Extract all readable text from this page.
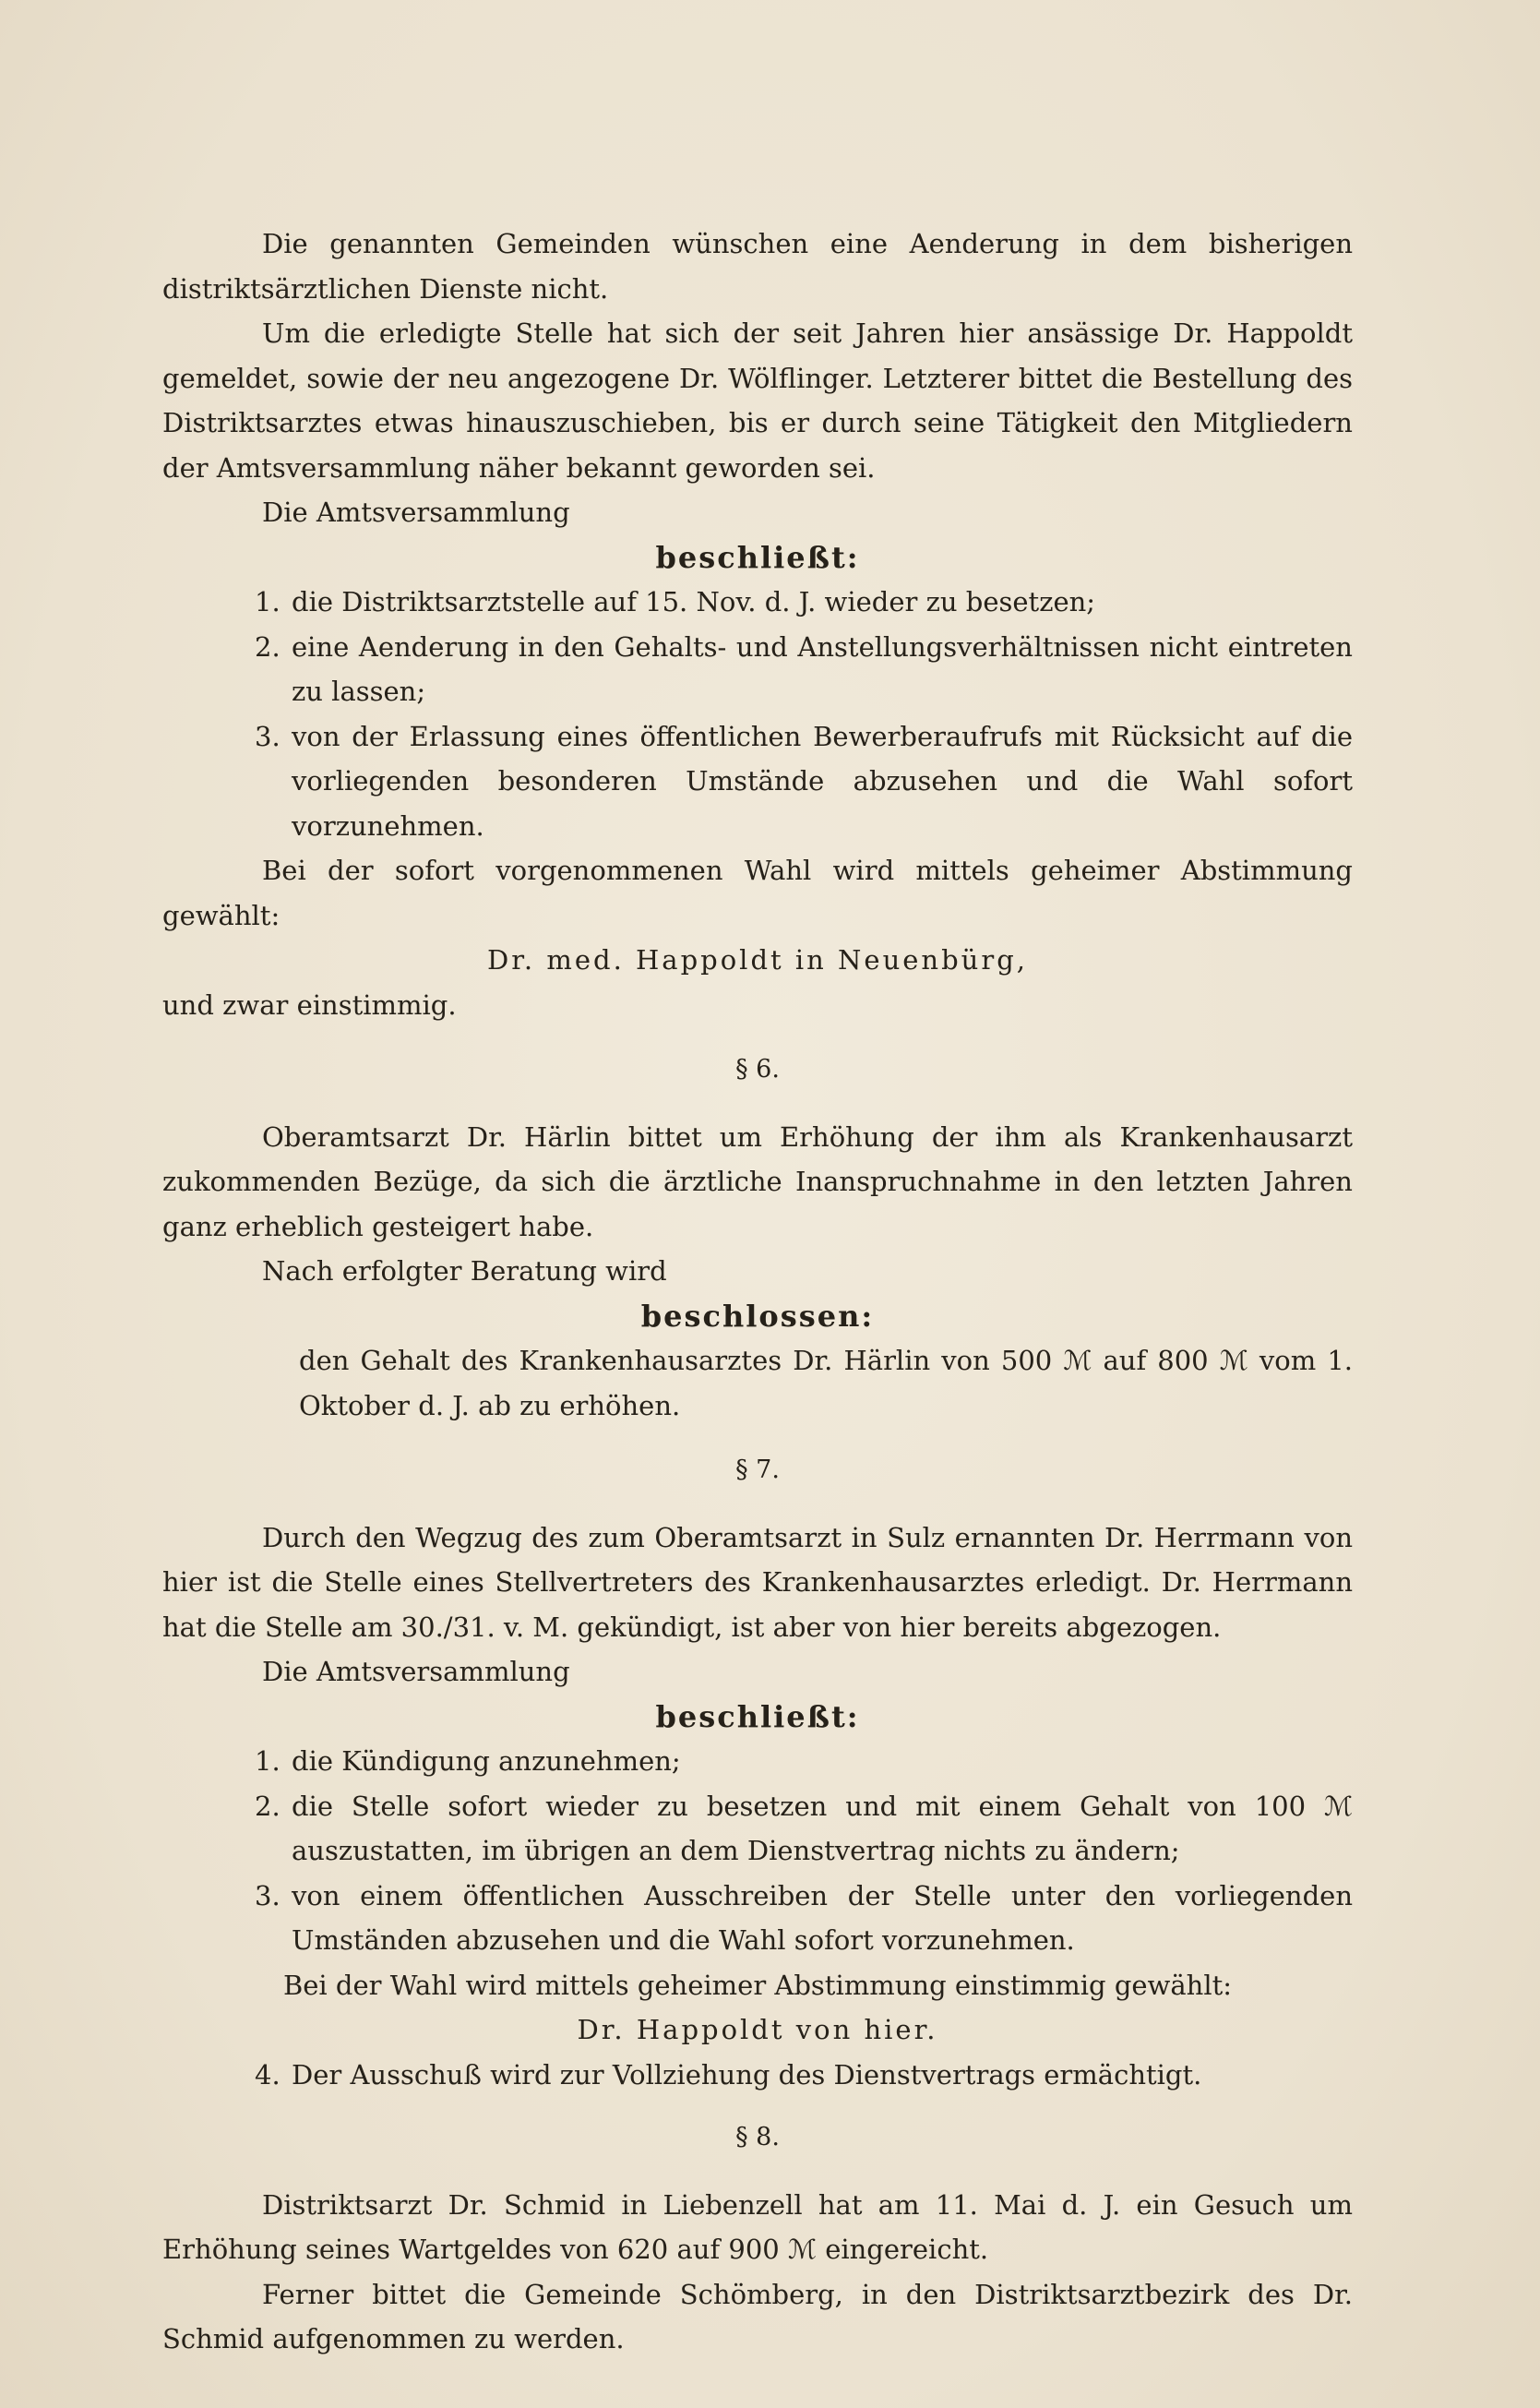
Die genannten Gemeinden wünschen eine Aenderung in dem bisherigen distriktsärztlichen Dienste nicht.

Um die erledigte Stelle hat sich der seit Jahren hier ansässige Dr. Happoldt gemeldet, sowie der neu angezogene Dr. Wölflinger. Letzterer bittet die Bestellung des Distriktsarztes etwas hinauszuschieben, bis er durch seine Tätigkeit den Mitgliedern der Amtsversammlung näher bekannt geworden sei.

Die Amtsversammlung

beschließt:

1. die Distriktsarztstelle auf 15. Nov. d. J. wieder zu besetzen;
2. eine Aenderung in den Gehalts- und Anstellungsverhältnissen nicht eintreten zu lassen;
3. von der Erlassung eines öffentlichen Bewerberaufrufs mit Rücksicht auf die vorliegenden besonderen Umstände abzusehen und die Wahl sofort vorzunehmen.

Bei der sofort vorgenommenen Wahl wird mittels geheimer Abstimmung gewählt:

Dr. med. Happoldt in Neuenbürg,

und zwar einstimmig.

§ 6.

Oberamtsarzt Dr. Härlin bittet um Erhöhung der ihm als Krankenhausarzt zukommenden Bezüge, da sich die ärztliche Inanspruchnahme in den letzten Jahren ganz erheblich gesteigert habe.

Nach erfolgter Beratung wird

beschlossen:

den Gehalt des Krankenhausarztes Dr. Härlin von 500 ℳ auf 800 ℳ vom 1. Oktober d. J. ab zu erhöhen.

§ 7.

Durch den Wegzug des zum Oberamtsarzt in Sulz ernannten Dr. Herrmann von hier ist die Stelle eines Stellvertreters des Krankenhausarztes erledigt. Dr. Herrmann hat die Stelle am 30./31. v. M. gekündigt, ist aber von hier bereits abgezogen.

Die Amtsversammlung

beschließt:

1. die Kündigung anzunehmen;
2. die Stelle sofort wieder zu besetzen und mit einem Gehalt von 100 ℳ auszustatten, im übrigen an dem Dienstvertrag nichts zu ändern;
3. von einem öffentlichen Ausschreiben der Stelle unter den vorliegenden Umständen abzusehen und die Wahl sofort vorzunehmen.

Bei der Wahl wird mittels geheimer Abstimmung einstimmig gewählt:

Dr. Happoldt von hier.

4. Der Ausschuß wird zur Vollziehung des Dienstvertrags ermächtigt.

§ 8.

Distriktsarzt Dr. Schmid in Liebenzell hat am 11. Mai d. J. ein Gesuch um Erhöhung seines Wartgeldes von 620 auf 900 ℳ eingereicht.

Ferner bittet die Gemeinde Schömberg, in den Distriktsarztbezirk des Dr. Schmid aufgenommen zu werden.
